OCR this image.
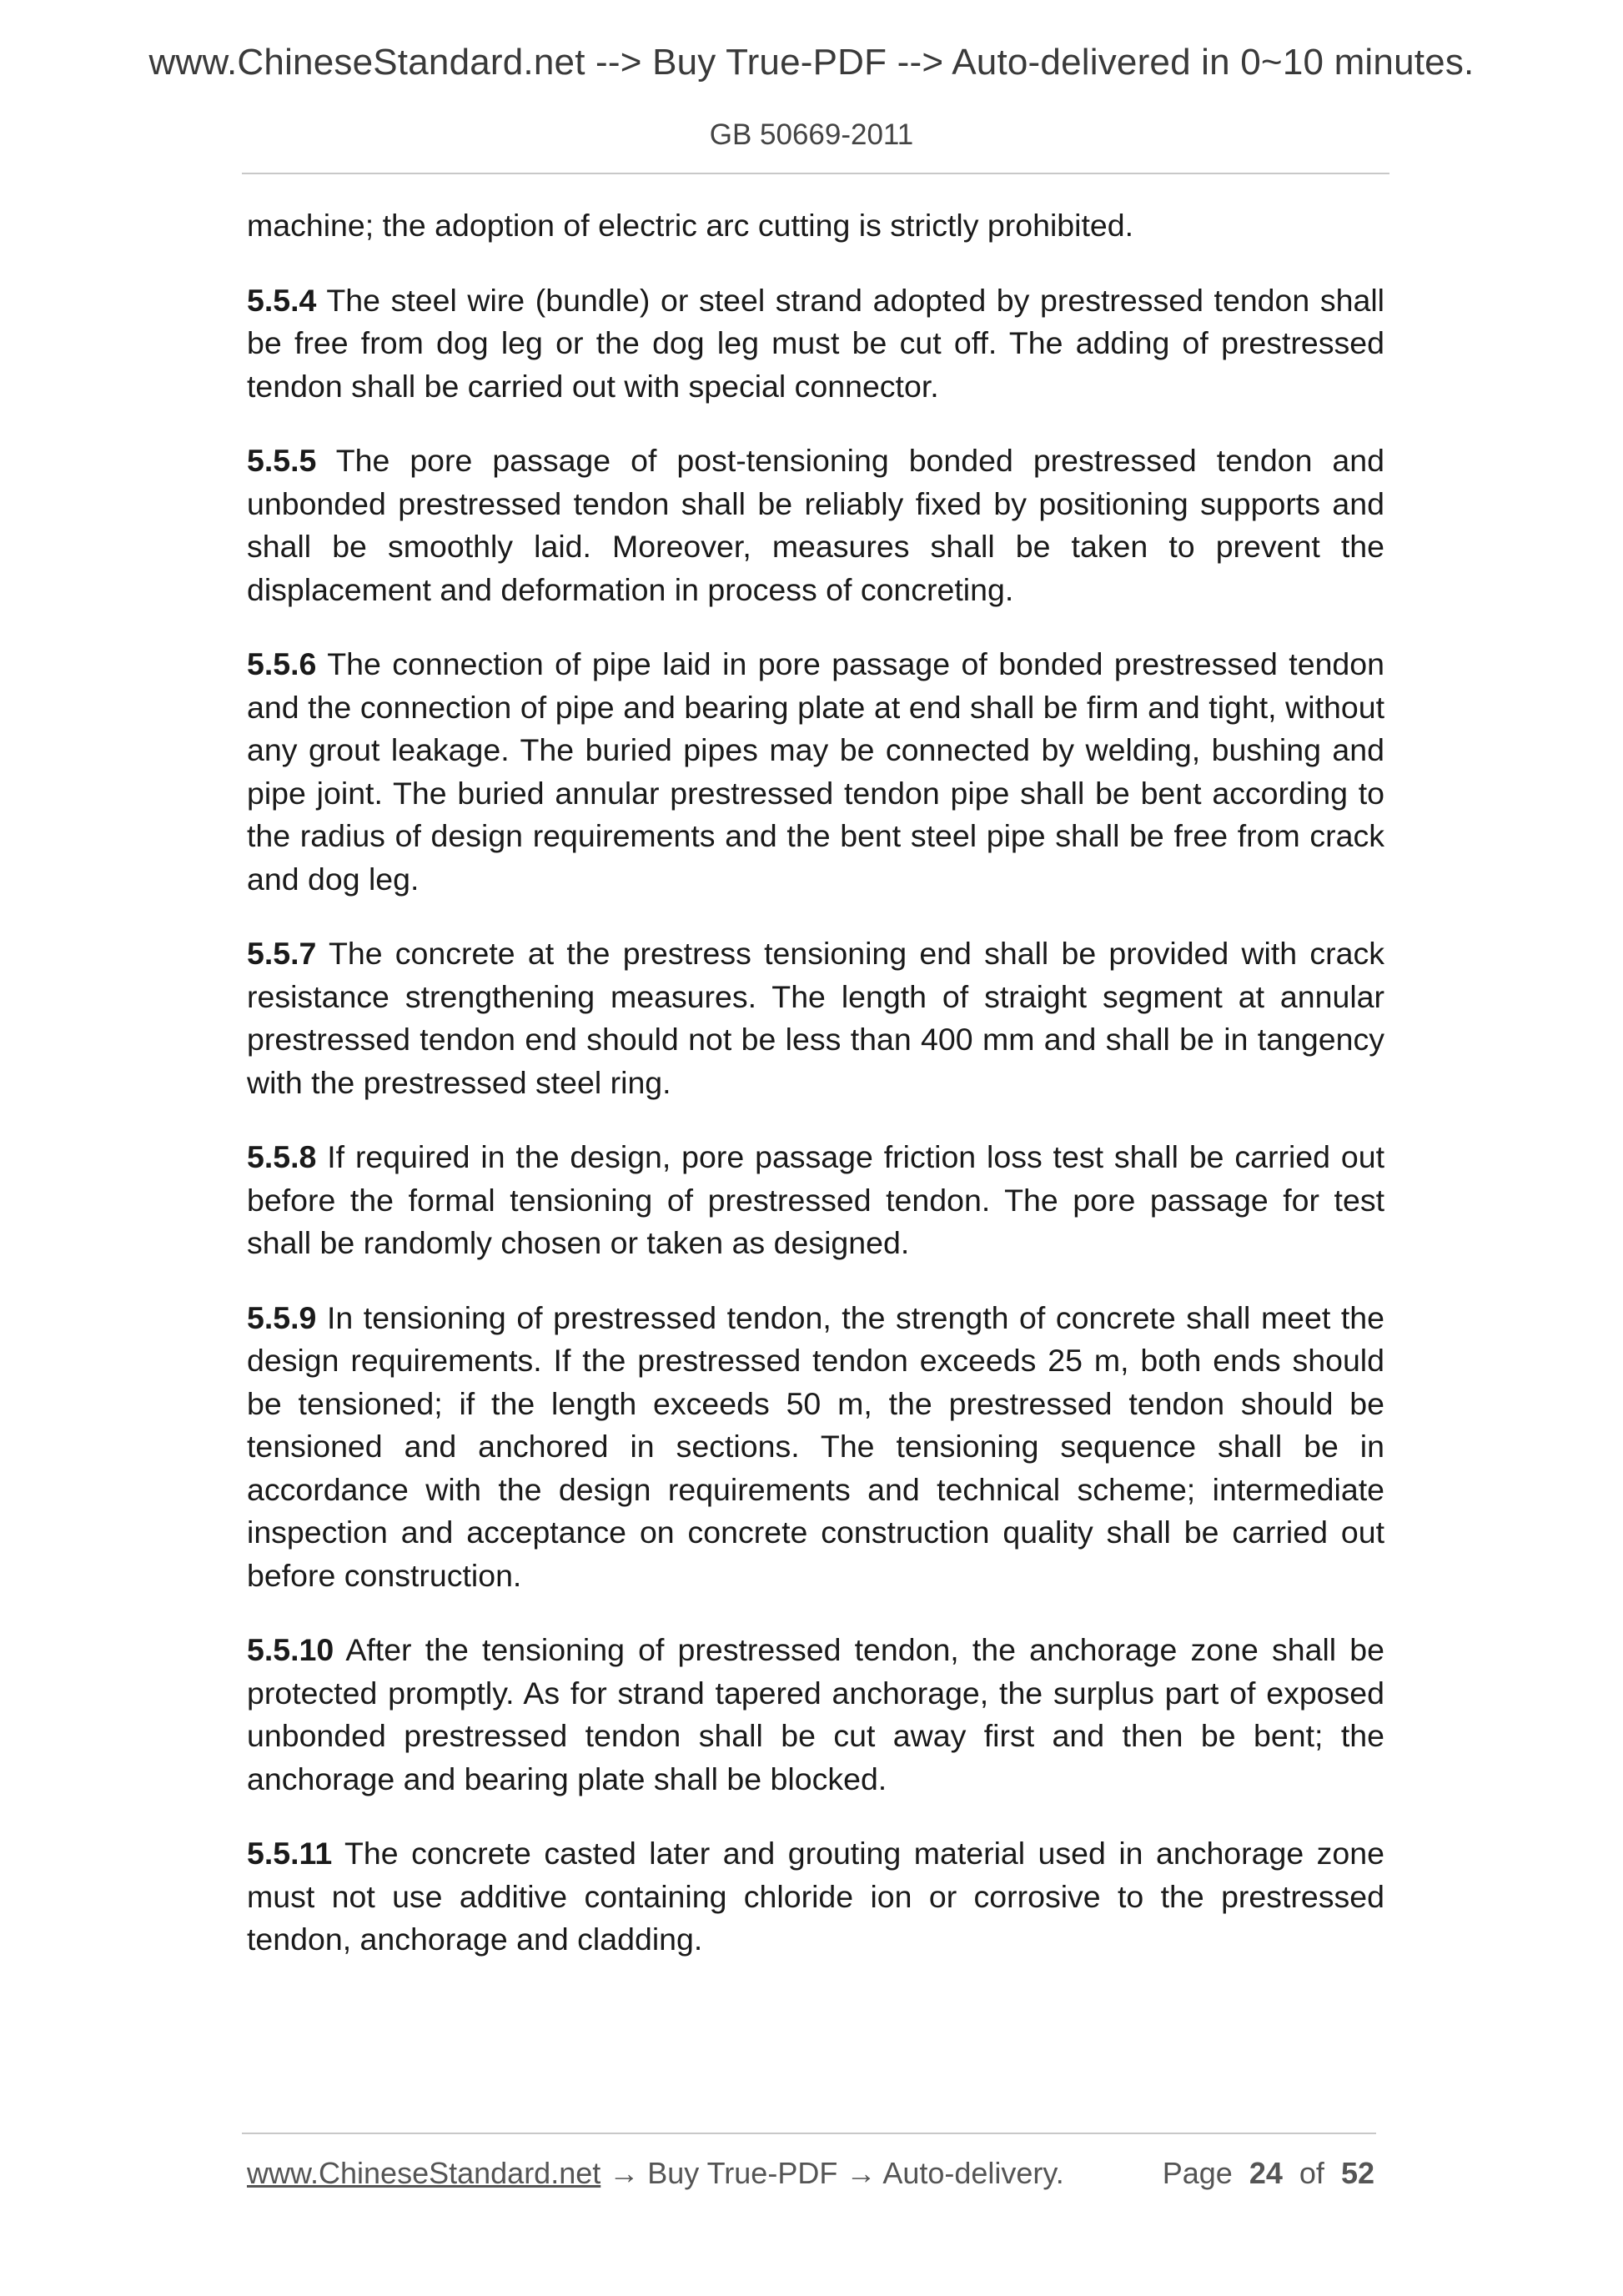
www.ChineseStandard.net --> Buy True-PDF --> Auto-delivered in 0~10 minutes.
GB 50669-2011

machine; the adoption of electric arc cutting is strictly prohibited.

5.5.4 The steel wire (bundle) or steel strand adopted by prestressed tendon shall be free from dog leg or the dog leg must be cut off. The adding of prestressed tendon shall be carried out with special connector.

5.5.5 The pore passage of post-tensioning bonded prestressed tendon and unbonded prestressed tendon shall be reliably fixed by positioning supports and shall be smoothly laid. Moreover, measures shall be taken to prevent the displacement and deformation in process of concreting.

5.5.6 The connection of pipe laid in pore passage of bonded prestressed tendon and the connection of pipe and bearing plate at end shall be firm and tight, without any grout leakage. The buried pipes may be connected by welding, bushing and pipe joint. The buried annular prestressed tendon pipe shall be bent according to the radius of design requirements and the bent steel pipe shall be free from crack and dog leg.

5.5.7 The concrete at the prestress tensioning end shall be provided with crack resistance strengthening measures. The length of straight segment at annular prestressed tendon end should not be less than 400 mm and shall be in tangency with the prestressed steel ring.

5.5.8 If required in the design, pore passage friction loss test shall be carried out before the formal tensioning of prestressed tendon. The pore passage for test shall be randomly chosen or taken as designed.

5.5.9 In tensioning of prestressed tendon, the strength of concrete shall meet the design requirements. If the prestressed tendon exceeds 25 m, both ends should be tensioned; if the length exceeds 50 m, the prestressed tendon should be tensioned and anchored in sections. The tensioning sequence shall be in accordance with the design requirements and technical scheme; intermediate inspection and acceptance on concrete construction quality shall be carried out before construction.

5.5.10 After the tensioning of prestressed tendon, the anchorage zone shall be protected promptly. As for strand tapered anchorage, the surplus part of exposed unbonded prestressed tendon shall be cut away first and then be bent; the anchorage and bearing plate shall be blocked.

5.5.11 The concrete casted later and grouting material used in anchorage zone must not use additive containing chloride ion or corrosive to the prestressed tendon, anchorage and cladding.

www.ChineseStandard.net → Buy True-PDF → Auto-delivery.	Page 24 of 52
